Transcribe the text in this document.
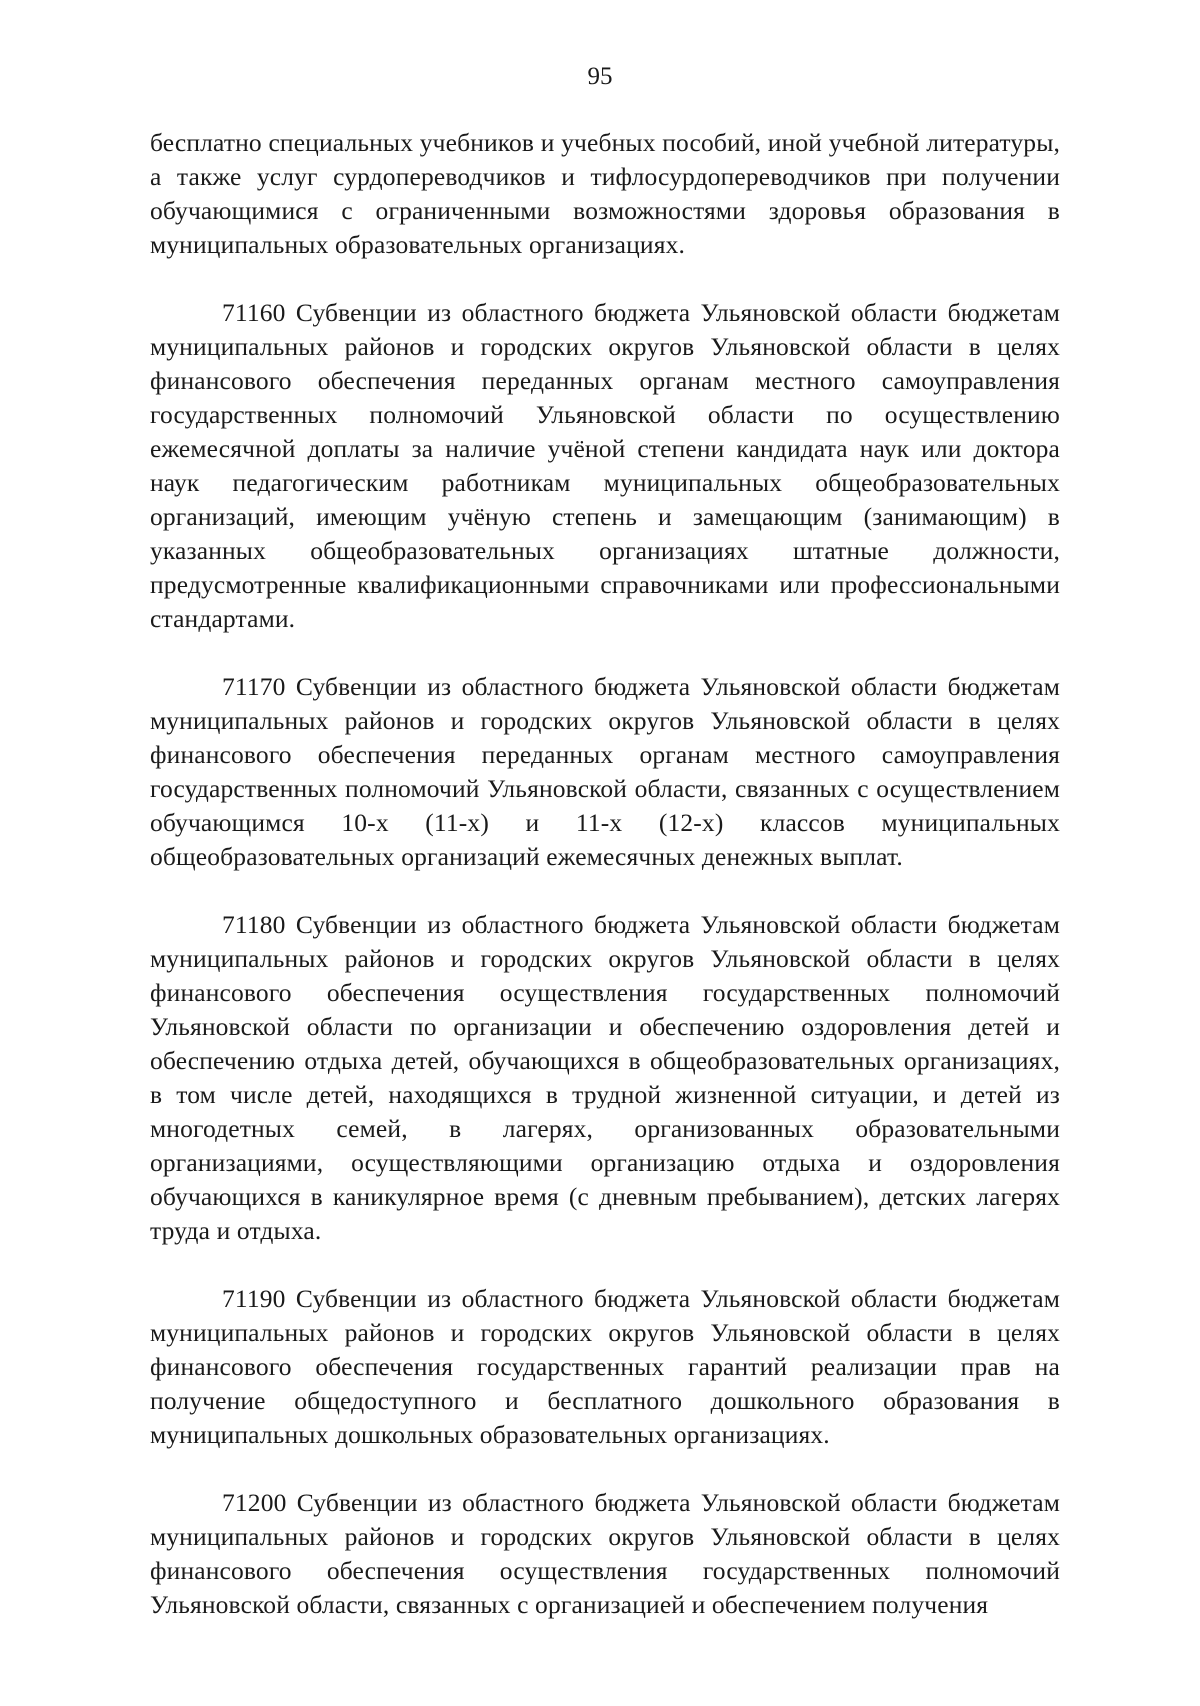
95

бесплатно специальных учебников и учебных пособий, иной учебной литературы, а также услуг сурдопереводчиков и тифлосурдопереводчиков при получении обучающимися с ограниченными возможностями здоровья образования в муниципальных образовательных организациях.

71160 Субвенции из областного бюджета Ульяновской области бюджетам муниципальных районов и городских округов Ульяновской области в целях финансового обеспечения переданных органам местного самоуправления государственных полномочий Ульяновской области по осуществлению ежемесячной доплаты за наличие учёной степени кандидата наук или доктора наук педагогическим работникам муниципальных общеобразовательных организаций, имеющим учёную степень и замещающим (занимающим) в указанных общеобразовательных организациях штатные должности, предусмотренные квалификационными справочниками или профессиональными стандартами.

71170 Субвенции из областного бюджета Ульяновской области бюджетам муниципальных районов и городских округов Ульяновской области в целях финансового обеспечения переданных органам местного самоуправления государственных полномочий Ульяновской области, связанных с осуществлением обучающимся 10-х (11-х) и 11-х (12-х) классов муниципальных общеобразовательных организаций ежемесячных денежных выплат.

71180 Субвенции из областного бюджета Ульяновской области бюджетам муниципальных районов и городских округов Ульяновской области в целях финансового обеспечения осуществления государственных полномочий Ульяновской области по организации и обеспечению оздоровления детей и обеспечению отдыха детей, обучающихся в общеобразовательных организациях, в том числе детей, находящихся в трудной жизненной ситуации, и детей из многодетных семей, в лагерях, организованных образовательными организациями, осуществляющими организацию отдыха и оздоровления обучающихся в каникулярное время (с дневным пребыванием), детских лагерях труда и отдыха.

71190 Субвенции из областного бюджета Ульяновской области бюджетам муниципальных районов и городских округов Ульяновской области в целях финансового обеспечения государственных гарантий реализации прав на получение общедоступного и бесплатного дошкольного образования в муниципальных дошкольных образовательных организациях.

71200 Субвенции из областного бюджета Ульяновской области бюджетам муниципальных районов и городских округов Ульяновской области в целях финансового обеспечения осуществления государственных полномочий Ульяновской области, связанных с организацией и обеспечением получения
